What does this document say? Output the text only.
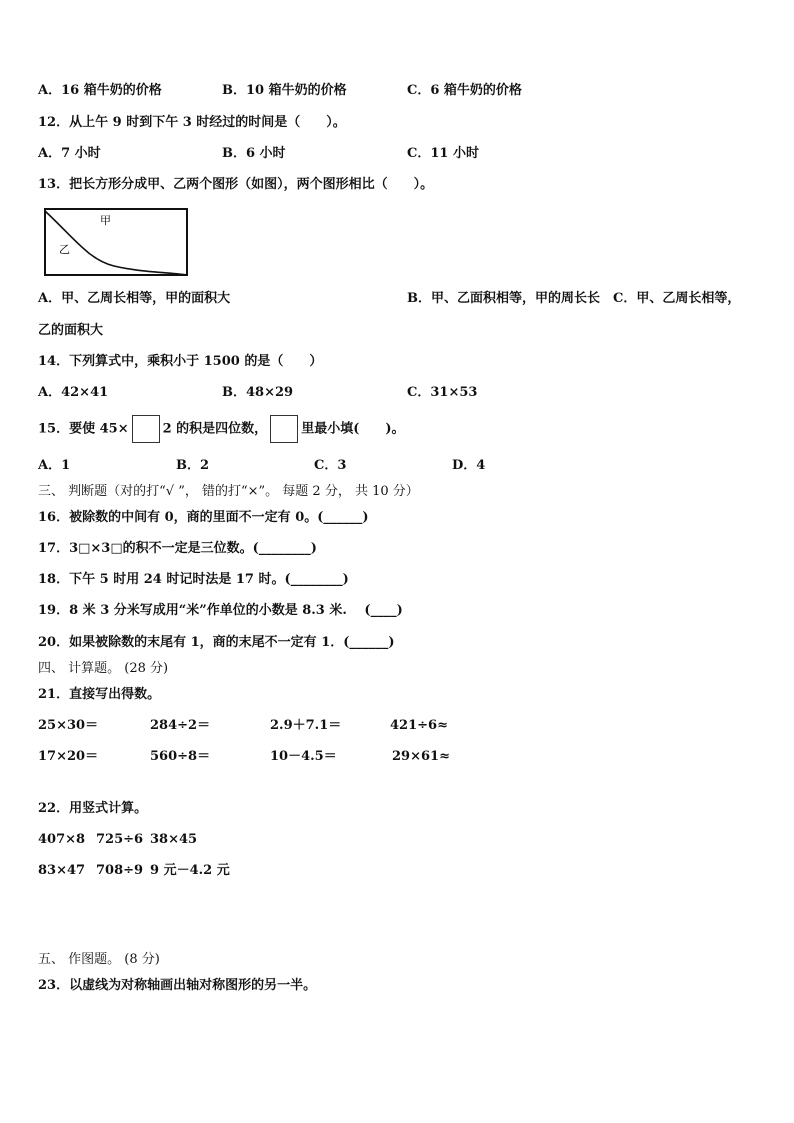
A．16 箱牛奶的价格	B．10 箱牛奶的价格	C．6 箱牛奶的价格
12．从上午 9 时到下午 3 时经过的时间是（　　）。
A．7 小时	B．6 小时	C．11 小时
13．把长方形分成甲、乙两个图形（如图），两个图形相比（　　）。
甲
乙
A．甲、乙周长相等，甲的面积大	B．甲、乙面积相等，甲的周长长　C．甲、乙周长相等，
乙的面积大
14．下列算式中，乘积小于 1500 的是（　　）
A．42×41	B．48×29	C．31×53
15．要使 45×	2 的积是四位数，	里最小填(　　)。
A．1	B．2	C．3	D．4
三、 判断题（对的打“√ ”， 错的打“×”。 每题 2 分， 共 10 分）
16．被除数的中间有 0，商的里面不一定有 0。(______)
17．3□×3□的积不一定是三位数。(________)
18．下午 5 时用 24 时记时法是 17 时。(________)
19．8 米 3 分米写成用“米”作单位的小数是 8.3 米.　 (____)
20．如果被除数的末尾有 1，商的末尾不一定有 1．(______)
四、 计算题。 (28 分)
21．直接写出得数。
25×30＝	284÷2＝	2.9＋7.1＝	421÷6≈
17×20＝	560÷8＝	10－4.5＝	29×61≈
22．用竖式计算。
407×8 725÷6 38×45
83×47 708÷9 9 元－4.2 元
五、 作图题。 (8 分)
23．以虚线为对称轴画出轴对称图形的另一半。
